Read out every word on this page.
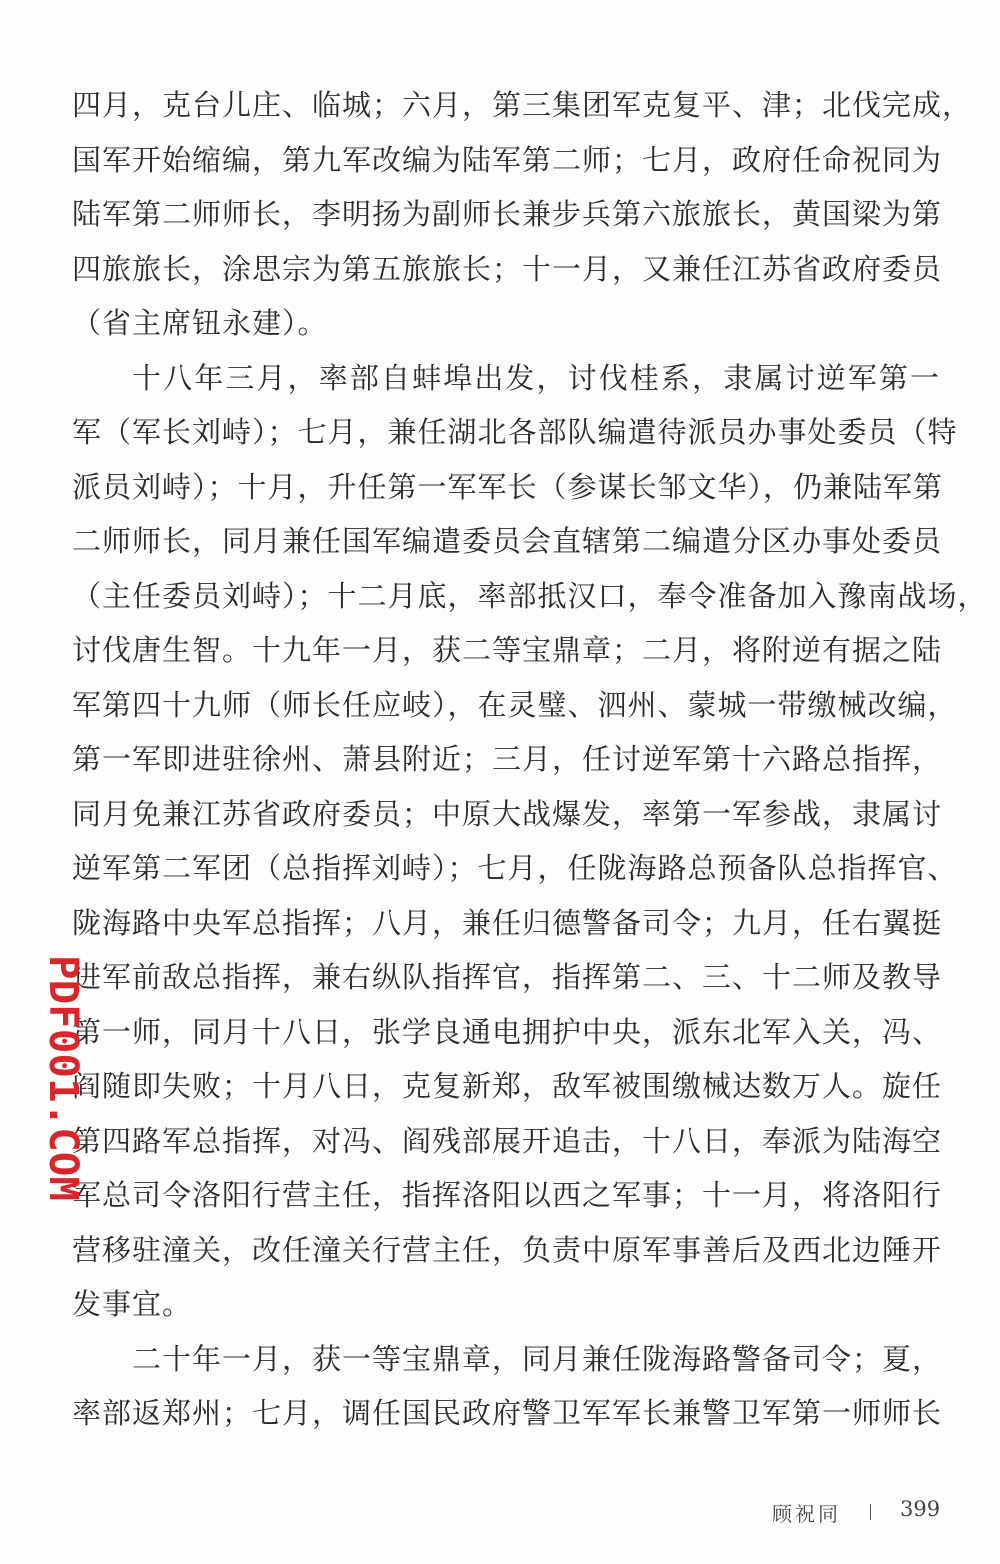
四月，克台儿庄、临城；六月，第三集团军克复平、津；北伐完成，
国军开始缩编，第九军改编为陆军第二师；七月，政府任命祝同为
陆军第二师师长，李明扬为副师长兼步兵第六旅旅长，黄国梁为第
四旅旅长，涂思宗为第五旅旅长；十一月，又兼任江苏省政府委员
（省主席钮永建）。
十八年三月，率部自蚌埠出发，讨伐桂系，隶属讨逆军第一
军（军长刘峙）；七月，兼任湖北各部队编遣待派员办事处委员（特
派员刘峙）；十月，升任第一军军长（参谋长邹文华），仍兼陆军第
二师师长，同月兼任国军编遣委员会直辖第二编遣分区办事处委员
（主任委员刘峙）；十二月底，率部抵汉口，奉令准备加入豫南战场，
讨伐唐生智。十九年一月，获二等宝鼎章；二月，将附逆有据之陆
军第四十九师（师长任应岐），在灵璧、泗州、蒙城一带缴械改编，
第一军即进驻徐州、萧县附近；三月，任讨逆军第十六路总指挥，
同月免兼江苏省政府委员；中原大战爆发，率第一军参战，隶属讨
逆军第二军团（总指挥刘峙）；七月，任陇海路总预备队总指挥官、
陇海路中央军总指挥；八月，兼任归德警备司令；九月，任右翼挺
进军前敌总指挥，兼右纵队指挥官，指挥第二、三、十二师及教导
第一师，同月十八日，张学良通电拥护中央，派东北军入关，冯、
阎随即失败；十月八日，克复新郑，敌军被围缴械达数万人。旋任
第四路军总指挥，对冯、阎残部展开追击，十八日，奉派为陆海空
军总司令洛阳行营主任，指挥洛阳以西之军事；十一月，将洛阳行
营移驻潼关，改任潼关行营主任，负责中原军事善后及西北边陲开
发事宜。
二十年一月，获一等宝鼎章，同月兼任陇海路警备司令；夏，
率部返郑州；七月，调任国民政府警卫军军长兼警卫军第一师师长
PDF001.COM
顾祝同	399
